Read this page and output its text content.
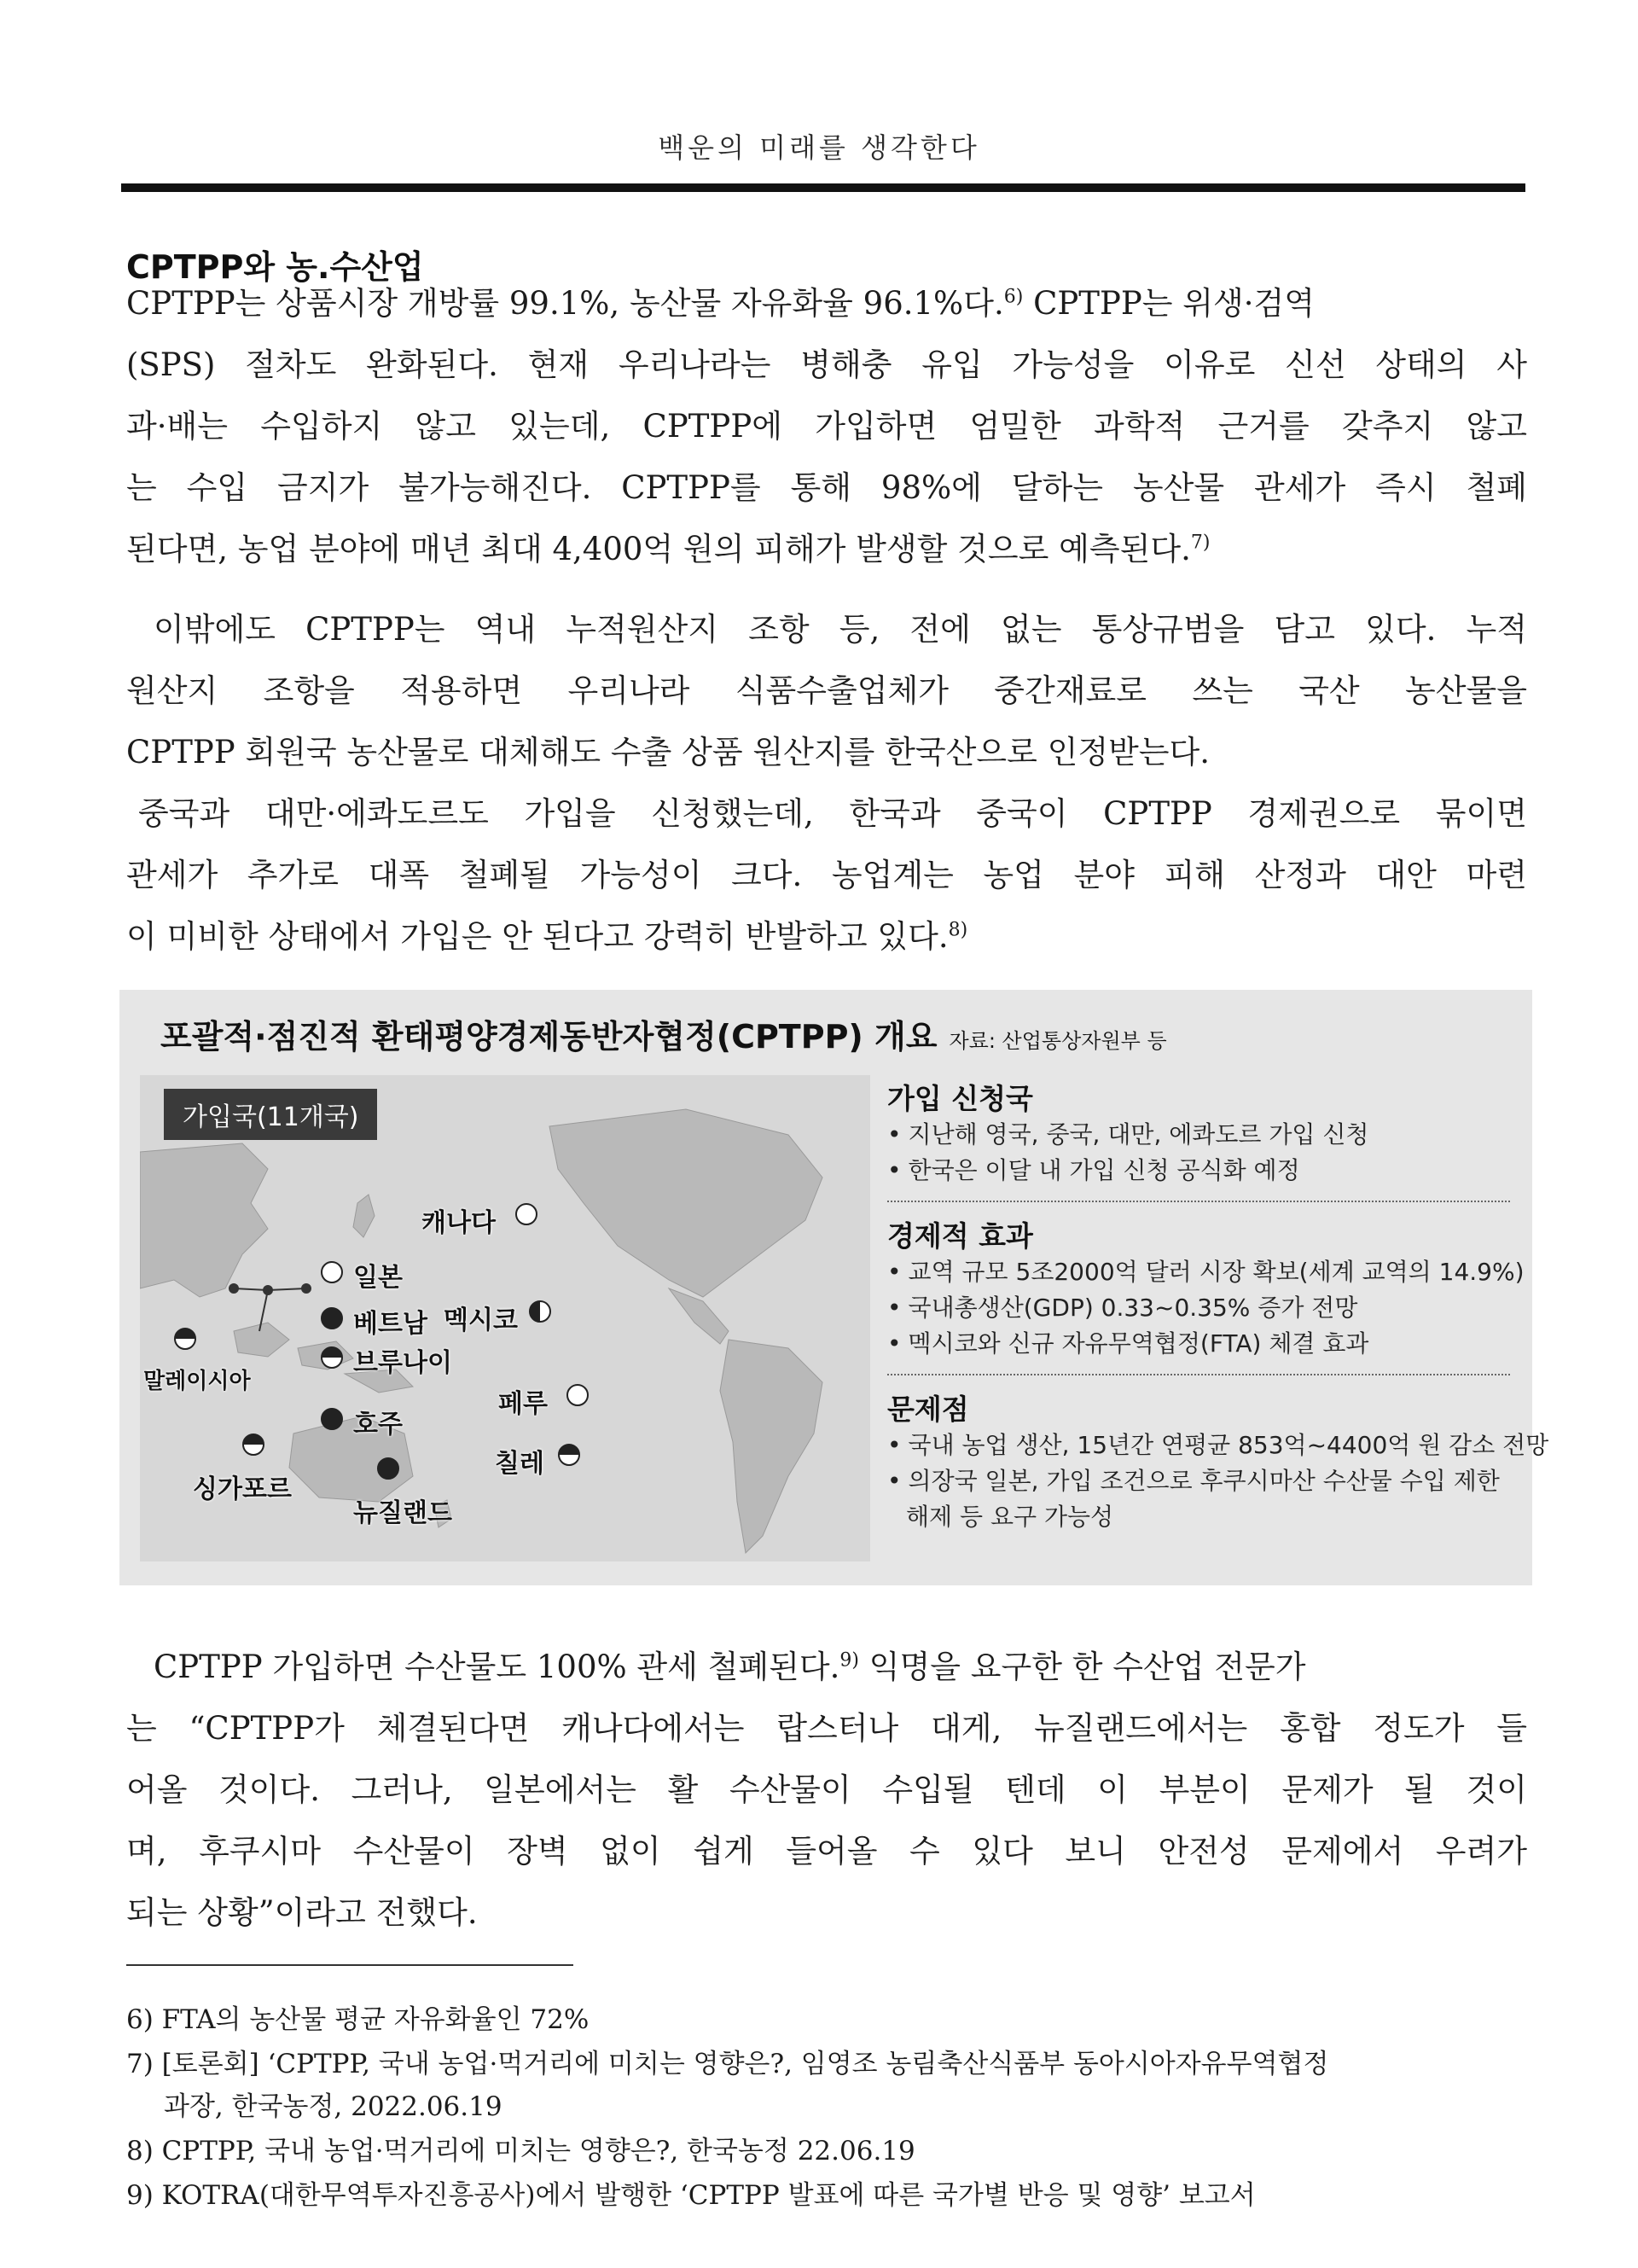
백운의 미래를 생각한다
CPTPP와 농.수산업
CPTPP는 상품시장 개방률 99.1%, 농산물 자유화율 96.1%다.$^{6)}$ CPTPP는 위생·검역
(SPS) 절차도 완화된다. 현재 우리나라는 병해충 유입 가능성을 이유로 신선 상태의 사
과·배는 수입하지 않고 있는데, CPTPP에 가입하면 엄밀한 과학적 근거를 갖추지 않고
는 수입 금지가 불가능해진다. CPTPP를 통해 98%에 달하는 농산물 관세가 즉시 철폐
된다면, 농업 분야에 매년 최대 4,400억 원의 피해가 발생할 것으로 예측된다.$^{7)}$
이밖에도 CPTPP는 역내 누적원산지 조항 등, 전에 없는 통상규범을 담고 있다. 누적
원산지 조항을 적용하면 우리나라 식품수출업체가 중간재료로 쓰는 국산 농산물을
CPTPP 회원국 농산물로 대체해도 수출 상품 원산지를 한국산으로 인정받는다.
중국과 대만·에콰도르도 가입을 신청했는데, 한국과 중국이 CPTPP 경제권으로 묶이면
관세가 추가로 대폭 철폐될 가능성이 크다. 농업계는 농업 분야 피해 산정과 대안 마련
이 미비한 상태에서 가입은 안 된다고 강력히 반발하고 있다.$^{8)}$
포괄적·점진적 환태평양경제동반자협정(CPTPP) 개요 자료: 산업통상자원부 등
가입국(11개국)
캐나다
일본
멕시코
베트남
브루나이
말레이시아
페루
호주
칠레
싱가포르
뉴질랜드
가입 신청국
• 지난해 영국, 중국, 대만, 에콰도르 가입 신청
• 한국은 이달 내 가입 신청 공식화 예정
경제적 효과
• 교역 규모 5조2000억 달러 시장 확보(세계 교역의 14.9%)
• 국내총생산(GDP) 0.33~0.35% 증가 전망
• 멕시코와 신규 자유무역협정(FTA) 체결 효과
문제점
• 국내 농업 생산, 15년간 연평균 853억~4400억 원 감소 전망
• 의장국 일본, 가입 조건으로 후쿠시마산 수산물 수입 제한
해제 등 요구 가능성
CPTPP 가입하면 수산물도 100% 관세 철폐된다.$^{9)}$ 익명을 요구한 한 수산업 전문가
는 “CPTPP가 체결된다면 캐나다에서는 랍스터나 대게, 뉴질랜드에서는 홍합 정도가 들
어올 것이다. 그러나, 일본에서는 활 수산물이 수입될 텐데 이 부분이 문제가 될 것이
며, 후쿠시마 수산물이 장벽 없이 쉽게 들어올 수 있다 보니 안전성 문제에서 우려가
되는 상황”이라고 전했다.
6) FTA의 농산물 평균 자유화율인 72%
7) [토론회] ‘CPTPP, 국내 농업·먹거리에 미치는 영향은?, 임영조 농림축산식품부 동아시아자유무역협정
과장, 한국농정, 2022.06.19
8) CPTPP, 국내 농업·먹거리에 미치는 영향은?, 한국농정 22.06.19
9) KOTRA(대한무역투자진흥공사)에서 발행한 ‘CPTPP 발표에 따른 국가별 반응 및 영향’ 보고서
